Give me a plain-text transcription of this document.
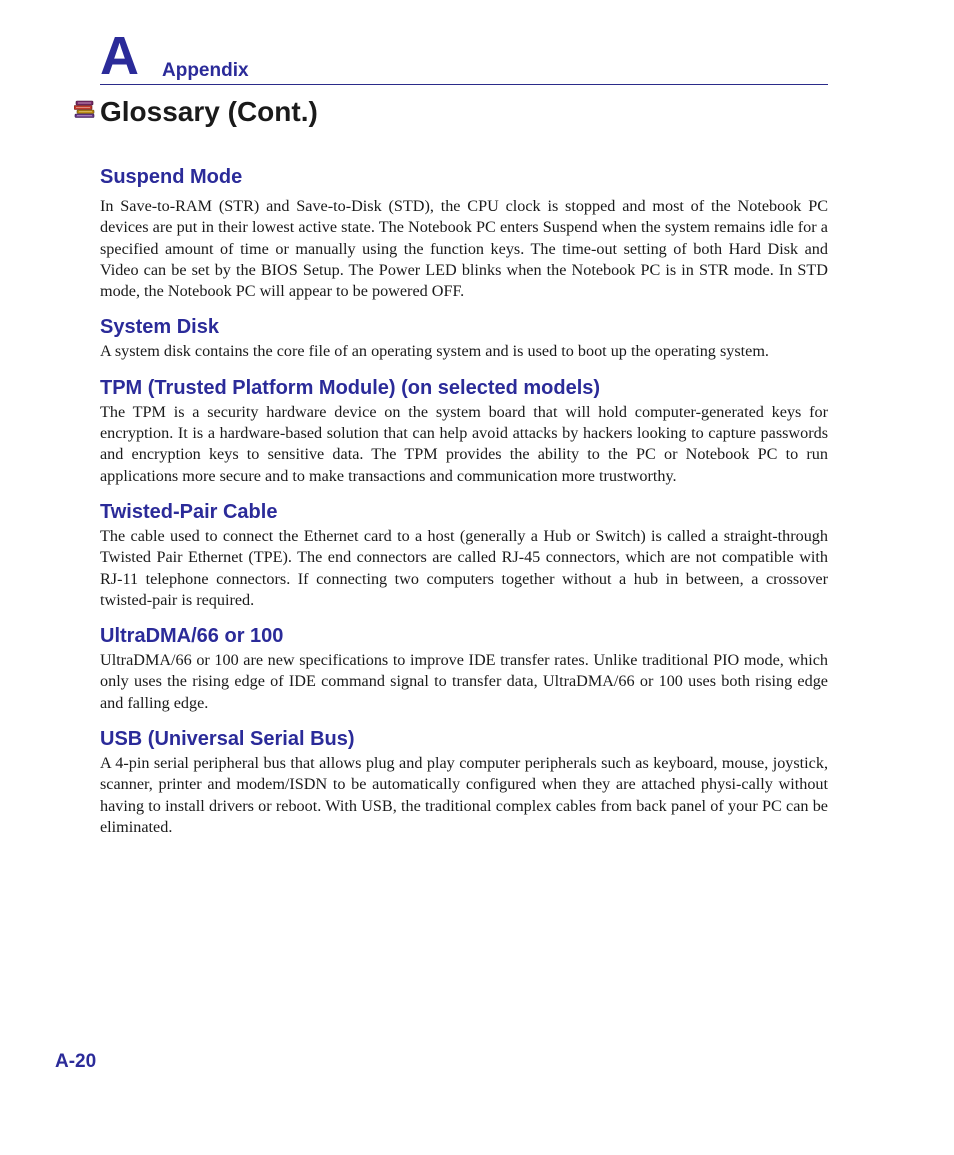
A Appendix
Glossary (Cont.)
Suspend Mode

In Save-to-RAM (STR) and Save-to-Disk (STD), the CPU clock is stopped and most of the Notebook PC devices are put in their lowest active state. The Notebook PC enters Suspend when the system remains idle for a specified amount of time or manually using the function keys. The time-out setting of both Hard Disk and Video can be set by the BIOS Setup. The Power LED blinks when the Notebook PC is in STR mode. In STD mode, the Notebook PC will appear to be powered OFF.

System Disk

A system disk contains the core file of an operating system and is used to boot up the operating system.

TPM (Trusted Platform Module) (on selected models)

The TPM is a security hardware device on the system board that will hold computer-generated keys for encryption. It is a hardware-based solution that can help avoid attacks by hackers looking to capture passwords and encryption keys to sensitive data. The TPM provides the ability to the PC or Notebook PC to run applications more secure and to make transactions and communication more trustworthy.

Twisted-Pair Cable

The cable used to connect the Ethernet card to a host (generally a Hub or Switch) is called a straight-through Twisted Pair Ethernet (TPE). The end connectors are called RJ-45 connectors, which are not compatible with RJ-11 telephone connectors. If connecting two computers together without a hub in between, a crossover twisted-pair is required.

UltraDMA/66 or 100

UltraDMA/66 or 100 are new specifications to improve IDE transfer rates. Unlike traditional PIO mode, which only uses the rising edge of IDE command signal to transfer data, UltraDMA/66 or 100 uses both rising edge and falling edge.

USB (Universal Serial Bus)

A 4-pin serial peripheral bus that allows plug and play computer peripherals such as keyboard, mouse, joystick, scanner, printer and modem/ISDN to be automatically configured when they are attached physi-cally without having to install drivers or reboot. With USB, the traditional complex cables from back panel of your PC can be eliminated.

A-20
